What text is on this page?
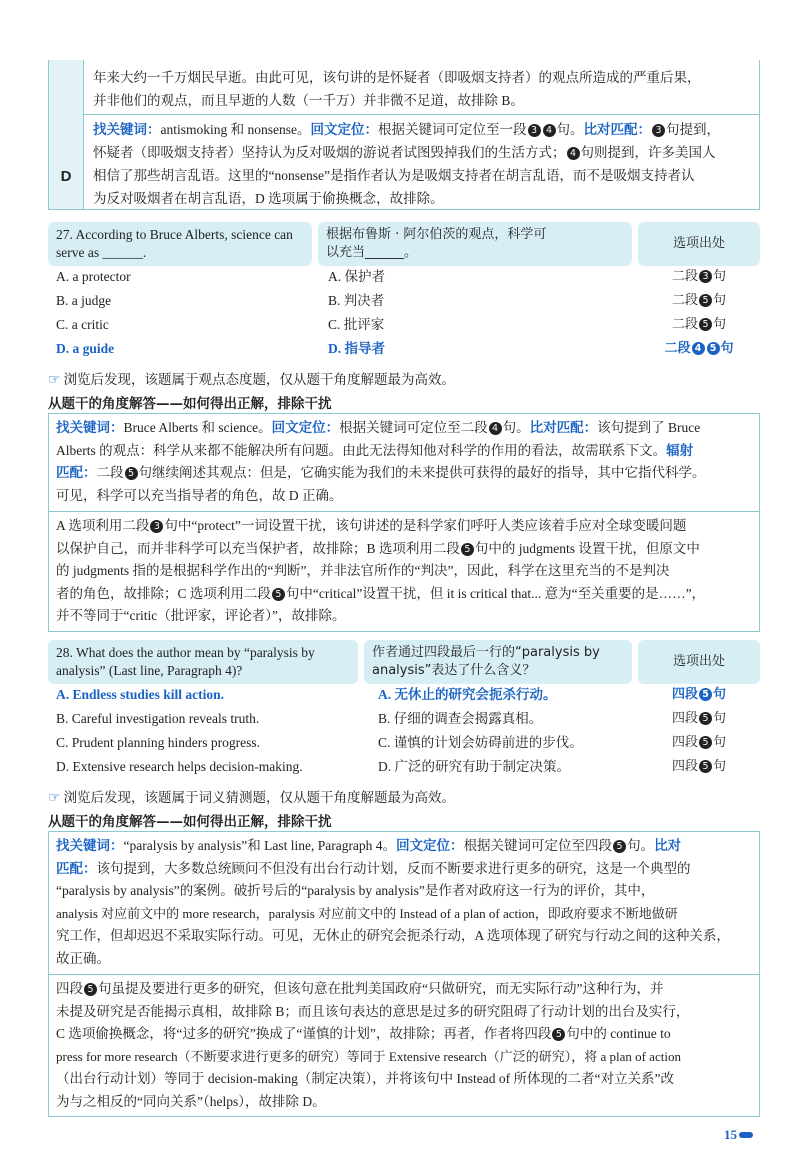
D
年来大约一千万烟民早逝。由此可见，该句讲的是怀疑者（即吸烟支持者）的观点所造成的严重后果，
并非他们的观点，而且早逝的人数（一千万）并非微不足道，故排除 B。
找关键词：antismoking 和 nonsense。回文定位：根据关键词可定位至一段 3 4 句。比对匹配： 3 句提到，
怀疑者（即吸烟支持者）坚持认为反对吸烟的游说者试图毁掉我们的生活方式； 4 句则提到，许多美国人
相信了那些胡言乱语。这里的“nonsense”是指作者认为是吸烟支持者在胡言乱语，而不是吸烟支持者认
为反对吸烟者在胡言乱语，D 选项属于偷换概念，故排除。
27. According to Bruce Alberts, science can
serve as ______.
根据布鲁斯 · 阿尔伯茨的观点，科学可
以充当______。
选项出处
A. a protector	A. 保护者	二段 3 句
B. a judge	B. 判决者	二段 5 句
C. a critic	C. 批评家	二段 5 句
D. a guide	D. 指导者	二段 4 5 句
☞ 浏览后发现，该题属于观点态度题，仅从题干角度解题最为高效。
从题干的角度解答——如何得出正解，排除干扰
找关键词：Bruce Alberts 和 science。回文定位：根据关键词可定位至二段 4 句。比对匹配：该句提到了 Bruce
Alberts 的观点：科学从来都不能解决所有问题。由此无法得知他对科学的作用的看法，故需联系下文。辐射
匹配：二段 5 句继续阐述其观点：但是，它确实能为我们的未来提供可获得的最好的指导，其中它指代科学。
可见，科学可以充当指导者的角色，故 D 正确。
A 选项利用二段 3 句中“protect”一词设置干扰，该句讲述的是科学家们呼吁人类应该着手应对全球变暖问题
以保护自己，而并非科学可以充当保护者，故排除；B 选项利用二段 5 句中的 judgments 设置干扰，但原文中
的 judgments 指的是根据科学作出的“判断”，并非法官所作的“判决”，因此，科学在这里充当的不是判决
者的角色，故排除；C 选项利用二段 5 句中“critical”设置干扰，但 it is critical that... 意为“至关重要的是……”，
并不等同于“critic（批评家，评论者）”，故排除。
28. What does the author mean by “paralysis by
analysis” (Last line, Paragraph 4)?
作者通过四段最后一行的“paralysis by
analysis”表达了什么含义？
选项出处
A. Endless studies kill action.	A. 无休止的研究会扼杀行动。	四段 5 句
B. Careful investigation reveals truth.	B. 仔细的调查会揭露真相。	四段 5 句
C. Prudent planning hinders progress.	C. 谨慎的计划会妨碍前进的步伐。	四段 5 句
D. Extensive research helps decision-making.	D. 广泛的研究有助于制定决策。	四段 5 句
☞ 浏览后发现，该题属于词义猜测题，仅从题干角度解题最为高效。
从题干的角度解答——如何得出正解，排除干扰
找关键词：“paralysis by analysis”和 Last line, Paragraph 4。回文定位：根据关键词可定位至四段 5 句。比对
匹配：该句提到，大多数总统顾问不但没有出台行动计划，反而不断要求进行更多的研究，这是一个典型的
“paralysis by analysis”的案例。破折号后的“paralysis by analysis”是作者对政府这一行为的评价，其中，
analysis 对应前文中的 more research，paralysis 对应前文中的 Instead of a plan of action，即政府要求不断地做研
究工作，但却迟迟不采取实际行动。可见，无休止的研究会扼杀行动，A 选项体现了研究与行动之间的这种关系，
故正确。
四段 5 句虽提及要进行更多的研究，但该句意在批判美国政府“只做研究，而无实际行动”这种行为，并
未提及研究是否能揭示真相，故排除 B；而且该句表达的意思是过多的研究阻碍了行动计划的出台及实行，
C 选项偷换概念，将“过多的研究”换成了“谨慎的计划”，故排除；再者，作者将四段 5 句中的 continue to
press for more research（不断要求进行更多的研究）等同于 Extensive research（广泛的研究），将 a plan of action
（出台行动计划）等同于 decision-making（制定决策），并将该句中 Instead of 所体现的二者“对立关系”改
为与之相反的“同向关系”（helps），故排除 D。
15
